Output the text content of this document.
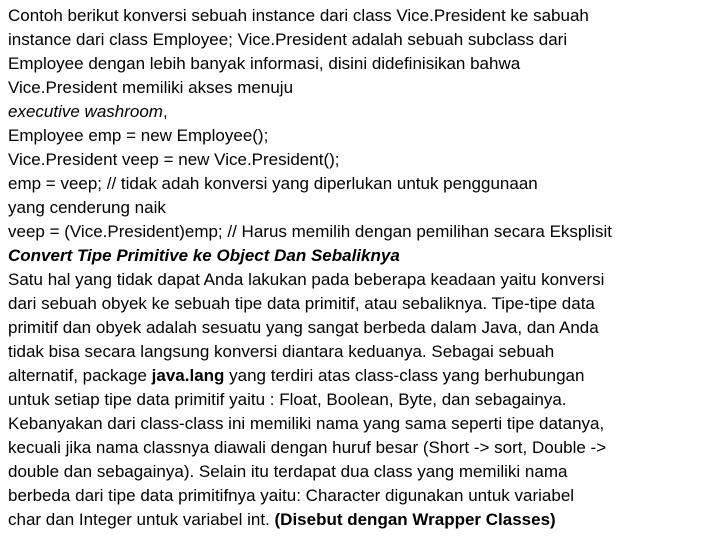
Contoh berikut konversi sebuah instance dari class Vice.President ke sabuah
instance dari class Employee; Vice.President adalah sebuah subclass dari
Employee dengan lebih banyak informasi, disini didefinisikan bahwa
Vice.President memiliki akses menuju
executive washroom,
Employee emp = new Employee();
Vice.President veep = new Vice.President();
emp = veep; // tidak adah konversi yang diperlukan untuk penggunaan
yang cenderung naik
veep = (Vice.President)emp; // Harus memilih dengan pemilihan secara Eksplisit
Convert Tipe Primitive ke Object Dan Sebaliknya
Satu hal yang tidak dapat Anda lakukan pada beberapa keadaan yaitu konversi
dari sebuah obyek ke sebuah tipe data primitif, atau sebaliknya. Tipe-tipe data
primitif dan obyek adalah sesuatu yang sangat berbeda dalam Java, dan Anda
tidak bisa secara langsung konversi diantara keduanya. Sebagai sebuah
alternatif, package java.lang yang terdiri atas class-class yang berhubungan
untuk setiap tipe data primitif yaitu : Float, Boolean, Byte, dan sebagainya.
Kebanyakan dari class-class ini memiliki nama yang sama seperti tipe datanya,
kecuali jika nama classnya diawali dengan huruf besar (Short -> sort, Double ->
double dan sebagainya). Selain itu terdapat dua class yang memiliki nama
berbeda dari tipe data primitifnya yaitu: Character digunakan untuk variabel
char dan Integer untuk variabel int. (Disebut dengan Wrapper Classes)
